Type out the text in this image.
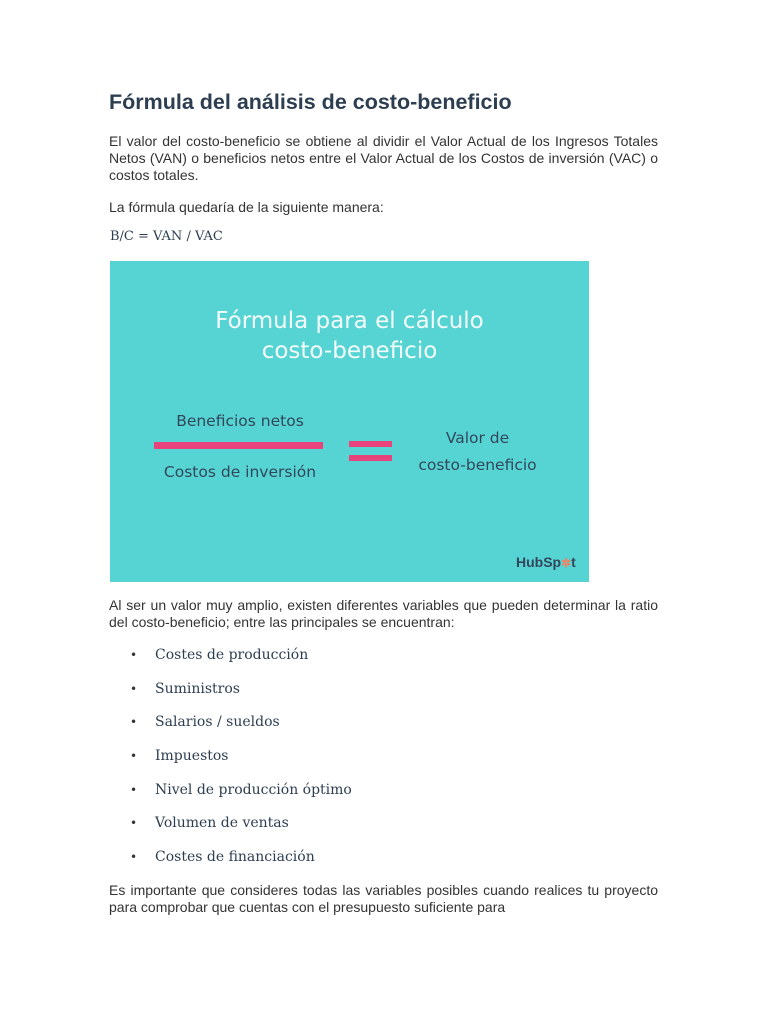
Fórmula del análisis de costo-beneficio

El valor del costo-beneficio se obtiene al dividir el Valor Actual de los Ingresos Totales Netos (VAN) o beneficios netos entre el Valor Actual de los Costos de inversión (VAC) o costos totales.

La fórmula quedaría de la siguiente manera:

B/C = VAN / VAC

Fórmula para el cálculo
costo-beneficio
Beneficios netos
Costos de inversión
Valor de
costo-beneficio
HubSp✲t

Al ser un valor muy amplio, existen diferentes variables que pueden determinar la ratio del costo-beneficio; entre las principales se encuentran:

• Costes de producción
• Suministros
• Salarios / sueldos
• Impuestos
• Nivel de producción óptimo
• Volumen de ventas
• Costes de financiación

Es importante que consideres todas las variables posibles cuando realices tu proyecto para comprobar que cuentas con el presupuesto suficiente para
